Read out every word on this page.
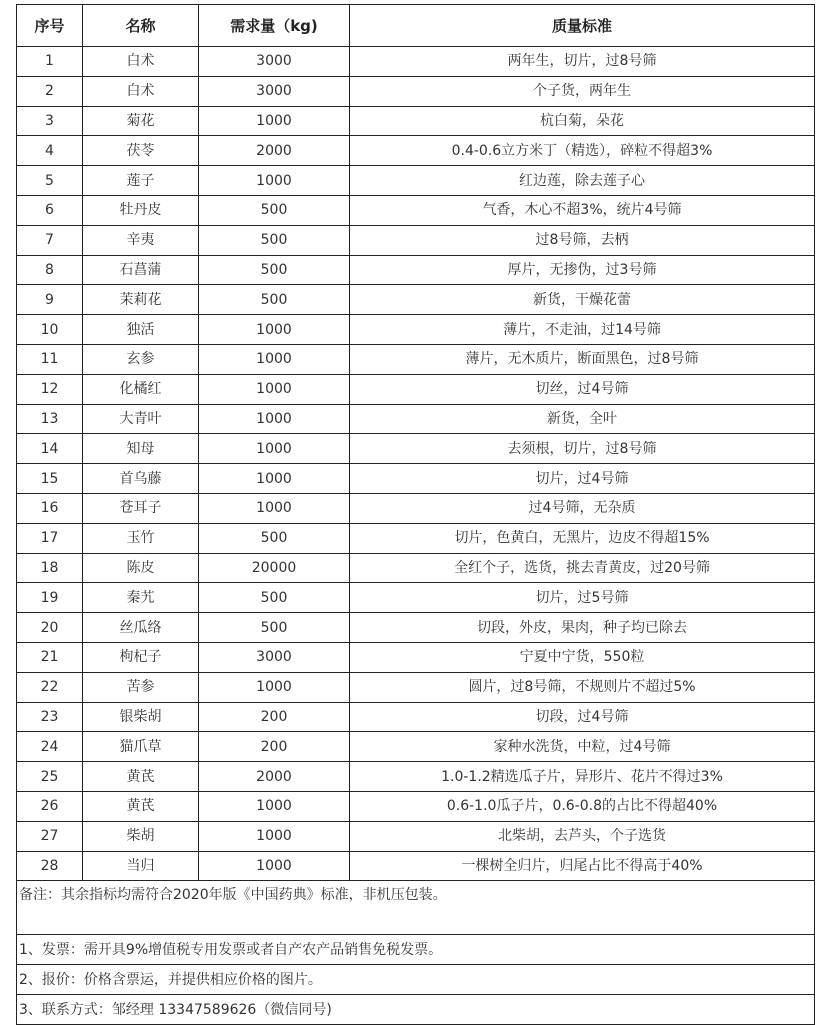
序号	名称	需求量（kg)	质量标准
1	白术	3000	两年生，切片，过8号筛
2	白术	3000	个子货，两年生
3	菊花	1000	杭白菊，朵花
4	茯苓	2000	0.4-0.6立方米丁（精选），碎粒不得超3%
5	莲子	1000	红边莲，除去莲子心
6	牡丹皮	500	气香，木心不超3%，统片4号筛
7	辛夷	500	过8号筛，去柄
8	石菖蒲	500	厚片，无掺伪，过3号筛
9	茉莉花	500	新货，干燥花蕾
10	独活	1000	薄片，不走油，过14号筛
11	玄参	1000	薄片，无木质片，断面黑色，过8号筛
12	化橘红	1000	切丝，过4号筛
13	大青叶	1000	新货，全叶
14	知母	1000	去须根，切片，过8号筛
15	首乌藤	1000	切片，过4号筛
16	苍耳子	1000	过4号筛，无杂质
17	玉竹	500	切片，色黄白，无黑片，边皮不得超15%
18	陈皮	20000	全红个子，选货，挑去青黄皮，过20号筛
19	秦艽	500	切片，过5号筛
20	丝瓜络	500	切段，外皮，果肉，种子均已除去
21	枸杞子	3000	宁夏中宁货，550粒
22	苦参	1000	圆片，过8号筛，不规则片不超过5%
23	银柴胡	200	切段，过4号筛
24	猫爪草	200	家种水洗货，中粒，过4号筛
25	黄芪	2000	1.0-1.2精选瓜子片，异形片、花片不得过3%
26	黄芪	1000	0.6-1.0瓜子片，0.6-0.8的占比不得超40%
27	柴胡	1000	北柴胡，去芦头，个子选货
28	当归	1000	一棵树全归片，归尾占比不得高于40%
备注：其余指标均需符合2020年版《中国药典》标准，非机压包装。			
1、发票：需开具9%增值税专用发票或者自产农产品销售免税发票。			
2、报价：价格含票运，并提供相应价格的图片。			
3、联系方式：邹经理 13347589626（微信同号)			
